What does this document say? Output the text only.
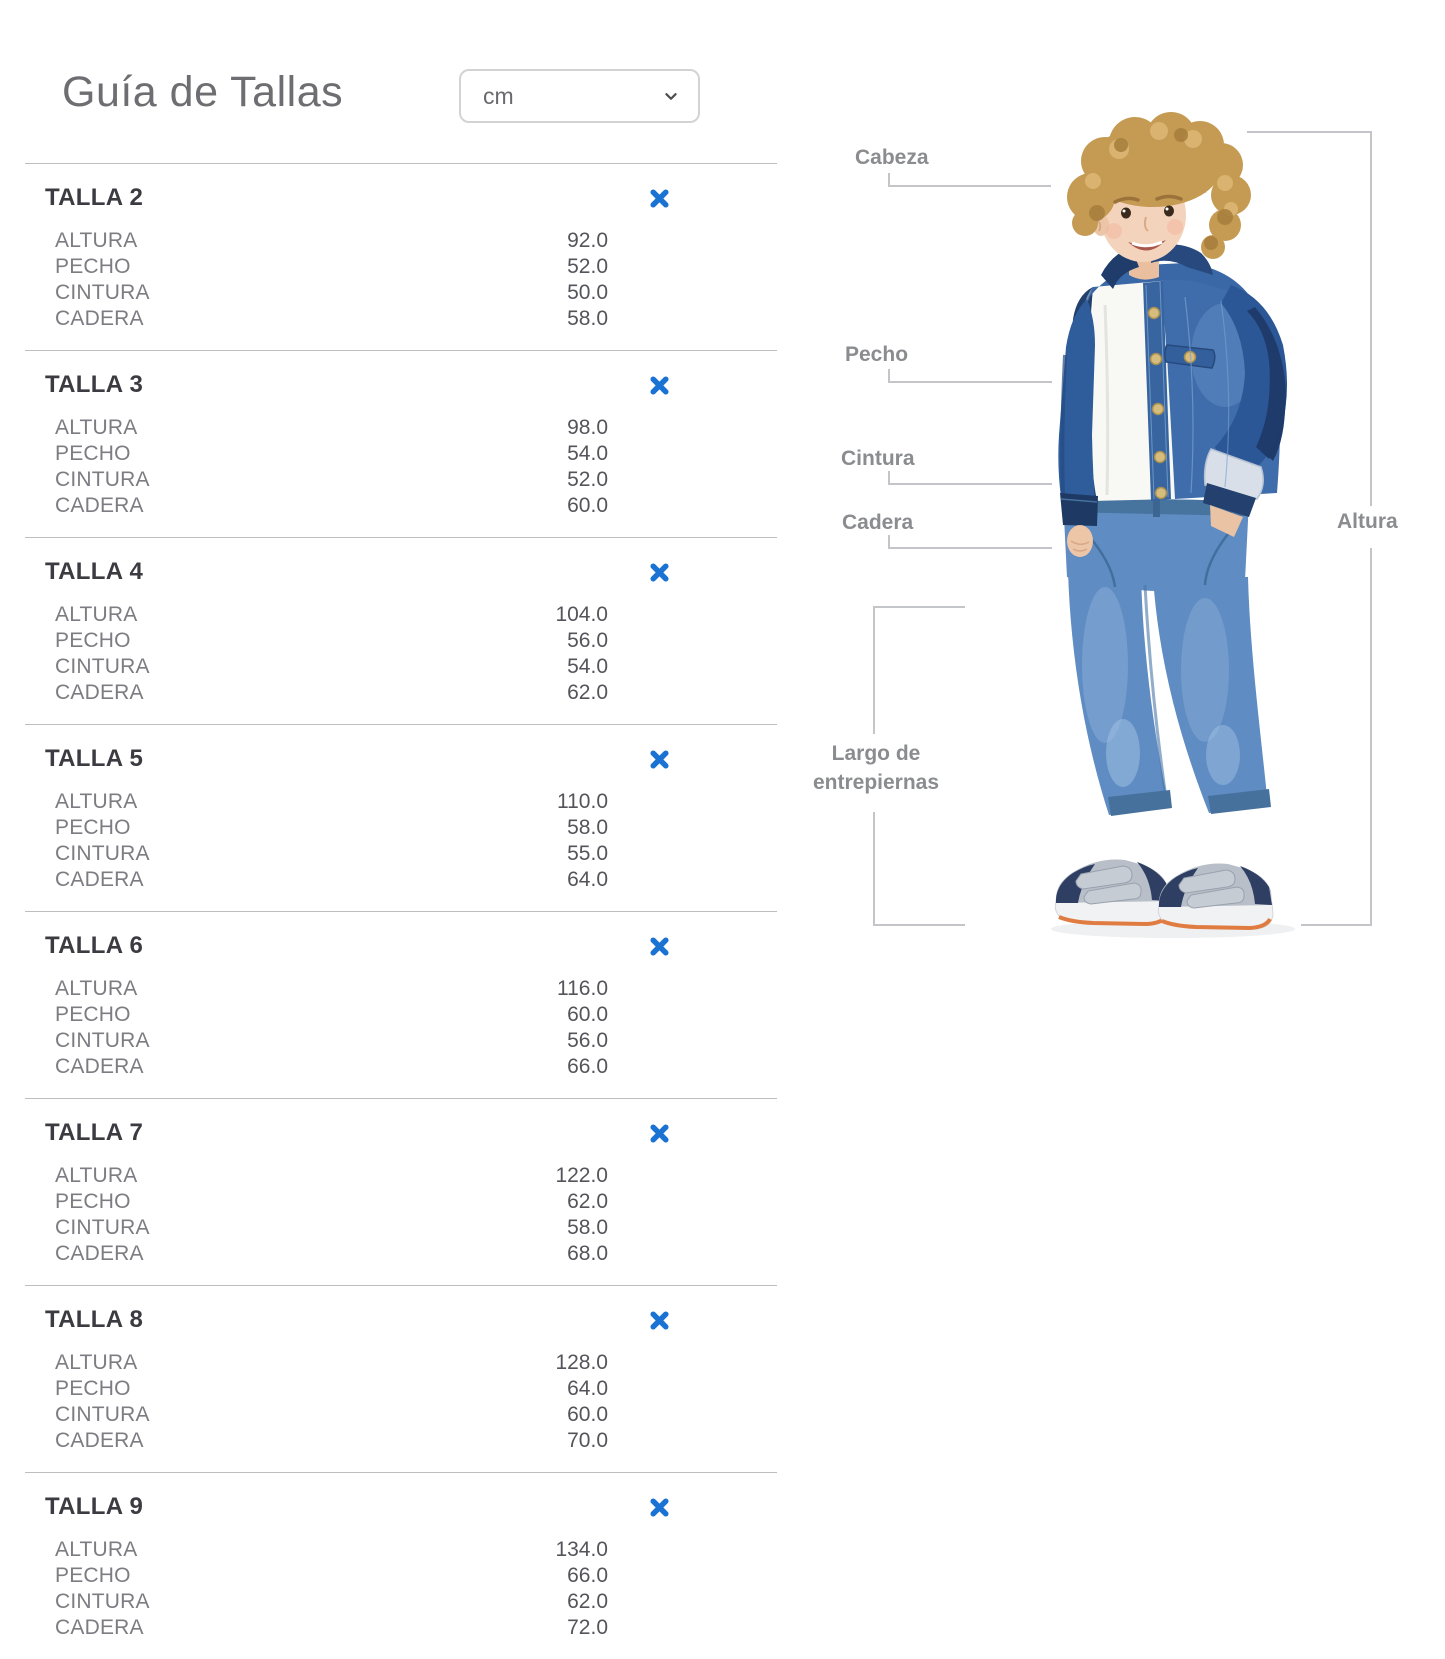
Guía de Tallas	cm
TALLA 2
ALTURA	92.0
PECHO	52.0
CINTURA	50.0
CADERA	58.0
TALLA 3
ALTURA	98.0
PECHO	54.0
CINTURA	52.0
CADERA	60.0
TALLA 4
ALTURA	104.0
PECHO	56.0
CINTURA	54.0
CADERA	62.0
TALLA 5
ALTURA	110.0
PECHO	58.0
CINTURA	55.0
CADERA	64.0
TALLA 6
ALTURA	116.0
PECHO	60.0
CINTURA	56.0
CADERA	66.0
TALLA 7
ALTURA	122.0
PECHO	62.0
CINTURA	58.0
CADERA	68.0
TALLA 8
ALTURA	128.0
PECHO	64.0
CINTURA	60.0
CADERA	70.0
TALLA 9
ALTURA	134.0
PECHO	66.0
CINTURA	62.0
CADERA	72.0
Cabeza
Pecho
Cintura
Cadera
Largo de
entrepiernas
Altura
